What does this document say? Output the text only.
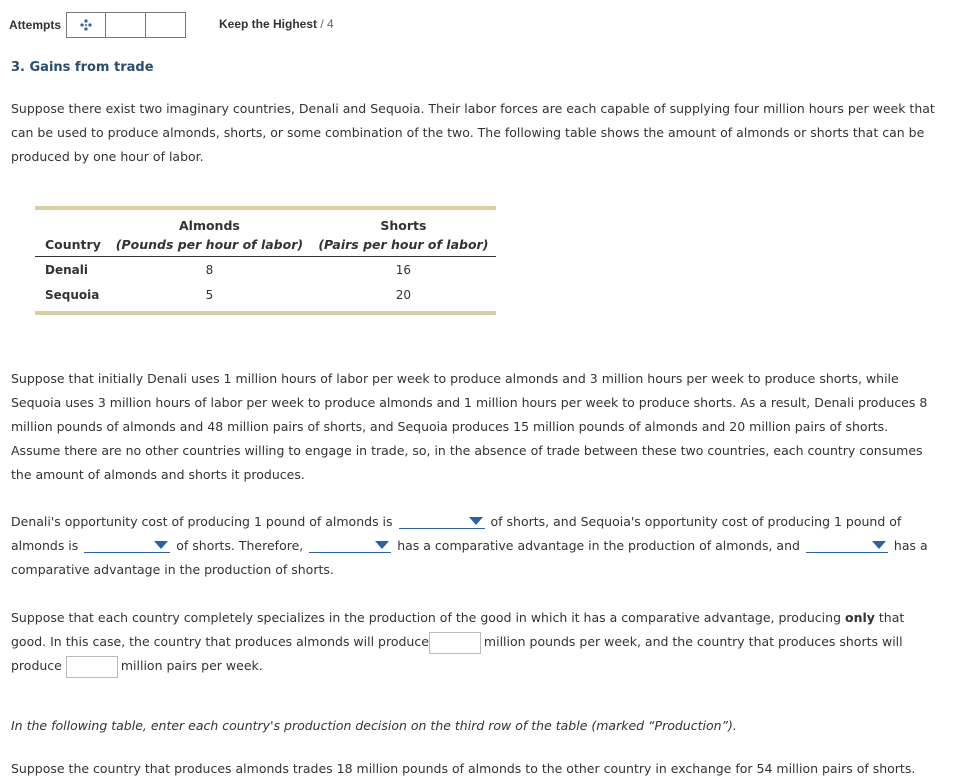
Attempts	Keep the Highest / 4
3. Gains from trade

Suppose there exist two imaginary countries, Denali and Sequoia. Their labor forces are each capable of supplying four million hours per week that can be used to produce almonds, shorts, or some combination of the two. The following table shows the amount of almonds or shorts that can be produced by one hour of labor.

	Almonds	Shorts
Country	(Pounds per hour of labor)	(Pairs per hour of labor)
Denali	8	16
Sequoia	5	20

Suppose that initially Denali uses 1 million hours of labor per week to produce almonds and 3 million hours per week to produce shorts, while Sequoia uses 3 million hours of labor per week to produce almonds and 1 million hours per week to produce shorts. As a result, Denali produces 8 million pounds of almonds and 48 million pairs of shorts, and Sequoia produces 15 million pounds of almonds and 20 million pairs of shorts. Assume there are no other countries willing to engage in trade, so, in the absence of trade between these two countries, each country consumes the amount of almonds and shorts it produces.

Denali's opportunity cost of producing 1 pound of almonds is	of shorts, and Sequoia's opportunity cost of producing 1 pound of almonds is	of shorts. Therefore,	has a comparative advantage in the production of almonds, and	has a comparative advantage in the production of shorts.

Suppose that each country completely specializes in the production of the good in which it has a comparative advantage, producing only that good. In this case, the country that produces almonds will produce	million pounds per week, and the country that produces shorts will produce	million pairs per week.

In the following table, enter each country's production decision on the third row of the table (marked “Production”).

Suppose the country that produces almonds trades 18 million pounds of almonds to the other country in exchange for 54 million pairs of shorts.
